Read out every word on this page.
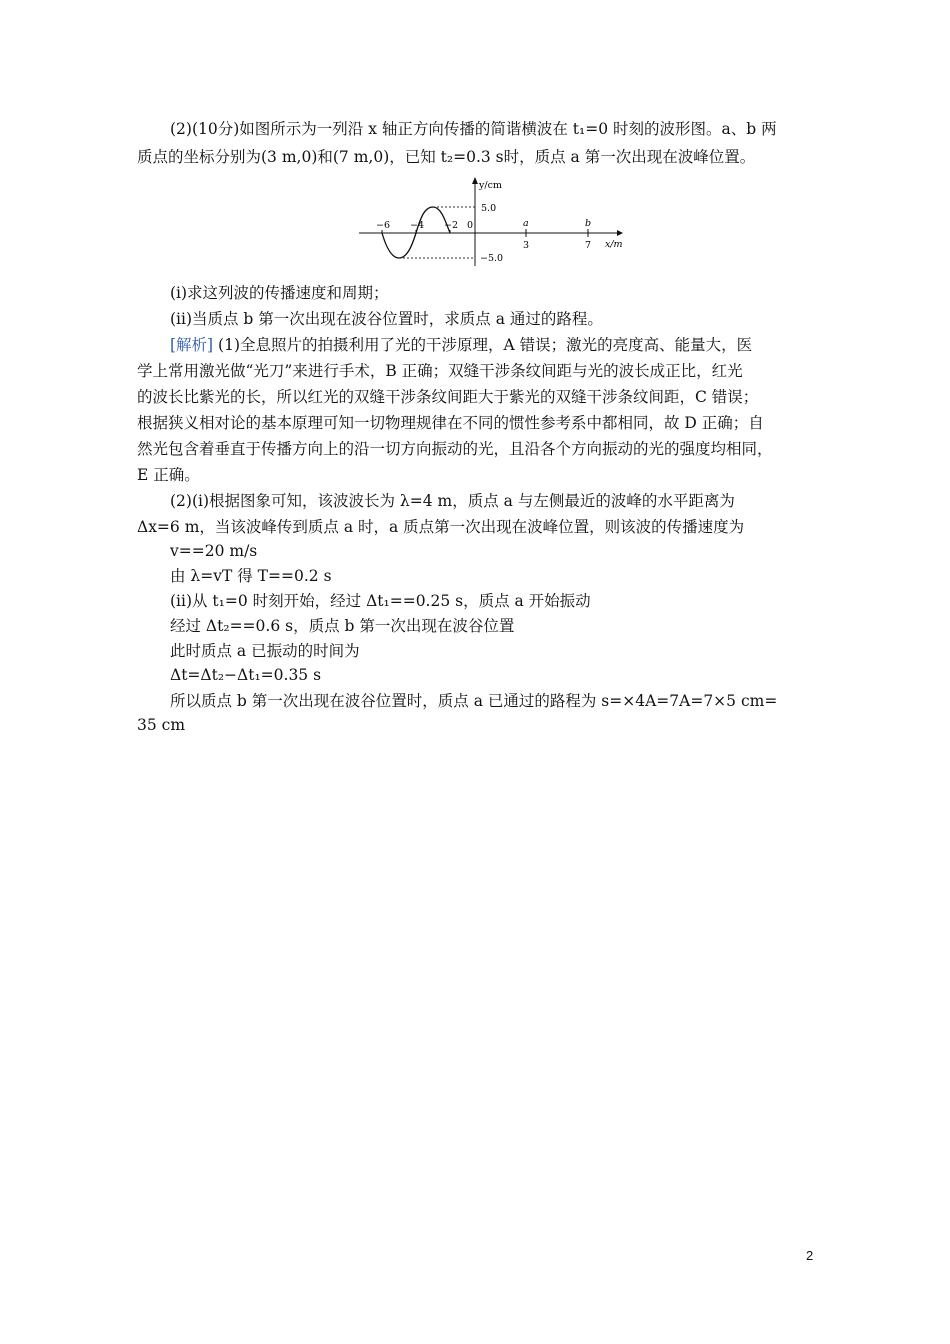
(2)(10分)如图所示为一列沿 x 轴正方向传播的简谐横波在 t₁=0 时刻的波形图。a、b 两
质点的坐标分别为(3 m,0)和(7 m,0)，已知 t₂=0.3 s时，质点 a 第一次出现在波峰位置。
y/cm
x/m
5.0
−5.0
−6 −4 −2 0
3	7
a	b
(ⅰ)求这列波的传播速度和周期；
(ⅱ)当质点 b 第一次出现在波谷位置时，求质点 a 通过的路程。
[解析] (1)全息照片的拍摄利用了光的干涉原理，A 错误；激光的亮度高、能量大，医
学上常用激光做“光刀”来进行手术，B 正确；双缝干涉条纹间距与光的波长成正比，红光
的波长比紫光的长，所以红光的双缝干涉条纹间距大于紫光的双缝干涉条纹间距，C 错误；
根据狭义相对论的基本原理可知一切物理规律在不同的惯性参考系中都相同，故 D 正确；自
然光包含着垂直于传播方向上的沿一切方向振动的光，且沿各个方向振动的光的强度均相同，
E 正确。
(2)(ⅰ)根据图象可知，该波波长为 λ=4 m，质点 a 与左侧最近的波峰的水平距离为
Δx=6 m，当该波峰传到质点 a 时，a 质点第一次出现在波峰位置，则该波的传播速度为
v==20 m/s
由 λ=vT 得 T==0.2 s
(ⅱ)从 t₁=0 时刻开始，经过 Δt₁==0.25 s，质点 a 开始振动
经过 Δt₂==0.6 s，质点 b 第一次出现在波谷位置
此时质点 a 已振动的时间为
Δt=Δt₂−Δt₁=0.35 s
所以质点 b 第一次出现在波谷位置时，质点 a 已通过的路程为 s=×4A=7A=7×5 cm=
35 cm
2
